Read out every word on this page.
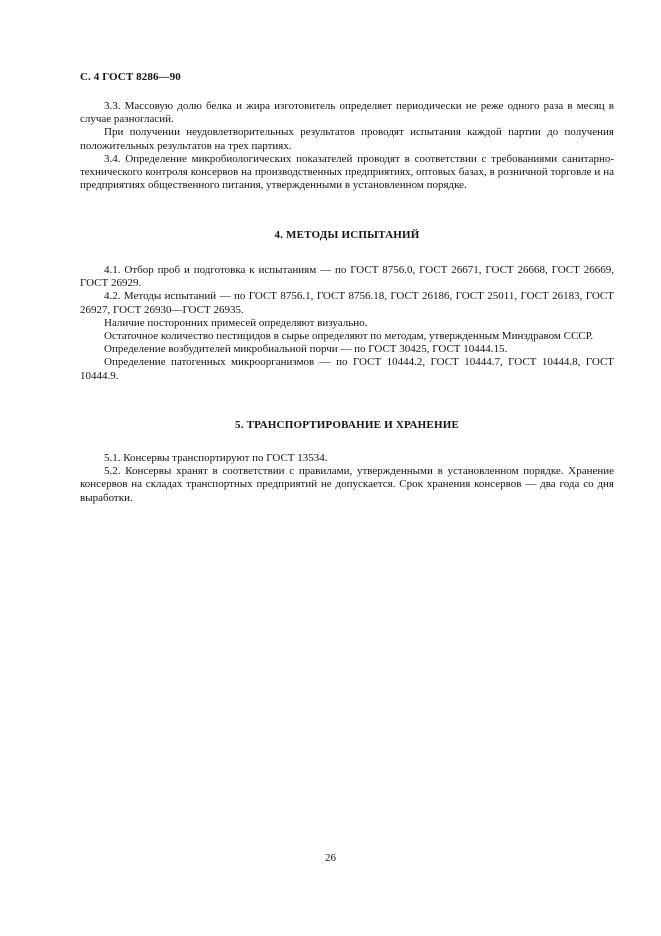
С. 4 ГОСТ 8286—90

3.3. Массовую долю белка и жира изготовитель определяет периодически не реже одного раза в месяц в случае разногласий.

При получении неудовлетворительных результатов проводят испытания каждой партии до получения положительных результатов на трех партиях.

3.4. Определение микробиологических показателей проводят в соответствии с требованиями санитарно-технического контроля консервов на производственных предприятиях, оптовых базах, в розничной торговле и на предприятиях общественного питания, утвержденными в установленном порядке.

4. МЕТОДЫ ИСПЫТАНИЙ

4.1. Отбор проб и подготовка к испытаниям — по ГОСТ 8756.0, ГОСТ 26671, ГОСТ 26668, ГОСТ 26669, ГОСТ 26929.

4.2. Методы испытаний — по ГОСТ 8756.1, ГОСТ 8756.18, ГОСТ 26186, ГОСТ 25011, ГОСТ 26183, ГОСТ 26927, ГОСТ 26930—ГОСТ 26935.

Наличие посторонних примесей определяют визуально.

Остаточное количество пестицидов в сырье определяют по методам, утвержденным Минздравом СССР.

Определение возбудителей микробиальной порчи — по ГОСТ 30425, ГОСТ 10444.15.

Определение патогенных микроорганизмов — по ГОСТ 10444.2, ГОСТ 10444.7, ГОСТ 10444.8, ГОСТ 10444.9.

5. ТРАНСПОРТИРОВАНИЕ И ХРАНЕНИЕ

5.1. Консервы транспортируют по ГОСТ 13534.

5.2. Консервы хранят в соответствии с правилами, утвержденными в установленном порядке. Хранение консервов на складах транспортных предприятий не допускается. Срок хранения консервов — два года со дня выработки.

26
